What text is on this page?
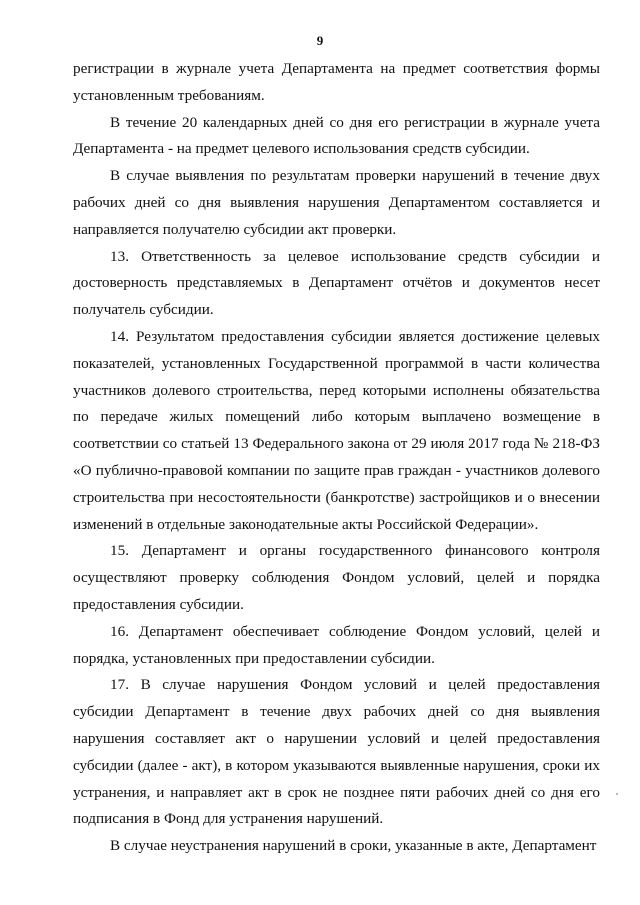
9

регистрации в журнале учета Департамента на предмет соответствия формы установленным требованиям.

В течение 20 календарных дней со дня его регистрации в журнале учета Департамента - на предмет целевого использования средств субсидии.

В случае выявления по результатам проверки нарушений в течение двух рабочих дней со дня выявления нарушения Департаментом составляется и направляется получателю субсидии акт проверки.

13. Ответственность за целевое использование средств субсидии и достоверность представляемых в Департамент отчётов и документов несет получатель субсидии.

14. Результатом предоставления субсидии является достижение целевых показателей, установленных Государственной программой в части количества участников долевого строительства, перед которыми исполнены обязательства по передаче жилых помещений либо которым выплачено возмещение в соответствии со статьей 13 Федерального закона от 29 июля 2017 года № 218-ФЗ «О публично-правовой компании по защите прав граждан - участников долевого строительства при несостоятельности (банкротстве) застройщиков и о внесении изменений в отдельные законодательные акты Российской Федерации».

15. Департамент и органы государственного финансового контроля осуществляют проверку соблюдения Фондом условий, целей и порядка предоставления субсидии.

16. Департамент обеспечивает соблюдение Фондом условий, целей и порядка, установленных при предоставлении субсидии.

17. В случае нарушения Фондом условий и целей предоставления субсидии Департамент в течение двух рабочих дней со дня выявления нарушения составляет акт о нарушении условий и целей предоставления субсидии (далее - акт), в котором указываются выявленные нарушения, сроки их устранения, и направляет акт в срок не позднее пяти рабочих дней со дня его подписания в Фонд для устранения нарушений.

В случае неустранения нарушений в сроки, указанные в акте, Департамент
